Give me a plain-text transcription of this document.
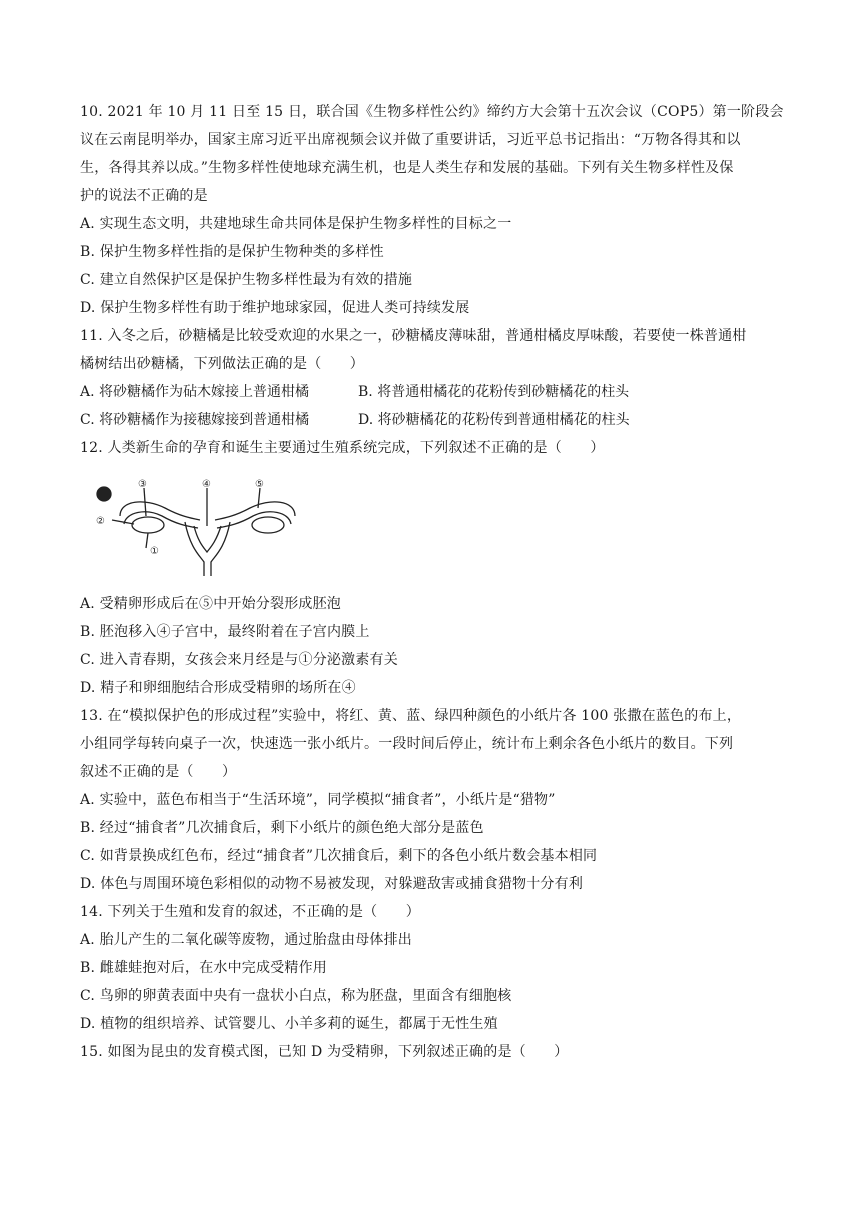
10. 2021 年 10 月 11 日至 15 日，联合国《生物多样性公约》缔约方大会第十五次会议（COP5）第一阶段会
议在云南昆明举办，国家主席习近平出席视频会议并做了重要讲话，习近平总书记指出：“万物各得其和以
生，各得其养以成。”生物多样性使地球充满生机，也是人类生存和发展的基础。下列有关生物多样性及保
护的说法不正确的是
A. 实现生态文明，共建地球生命共同体是保护生物多样性的目标之一
B. 保护生物多样性指的是保护生物种类的多样性
C. 建立自然保护区是保护生物多样性最为有效的措施
D. 保护生物多样性有助于维护地球家园，促进人类可持续发展
11. 入冬之后，砂糖橘是比较受欢迎的水果之一，砂糖橘皮薄味甜，普通柑橘皮厚味酸，若要使一株普通柑
橘树结出砂糖橘，下列做法正确的是（　　）
A. 将砂糖橘作为砧木嫁接上普通柑橘	B. 将普通柑橘花的花粉传到砂糖橘花的柱头
C. 将砂糖橘作为接穗嫁接到普通柑橘	D. 将砂糖橘花的花粉传到普通柑橘花的柱头
12. 人类新生命的孕育和诞生主要通过生殖系统完成，下列叙述不正确的是（　　）
①
②
③	④	⑤
A. 受精卵形成后在⑤中开始分裂形成胚泡
B. 胚泡移入④子宫中，最终附着在子宫内膜上
C. 进入青春期，女孩会来月经是与①分泌激素有关
D. 精子和卵细胞结合形成受精卵的场所在④
13. 在“模拟保护色的形成过程”实验中，将红、黄、蓝、绿四种颜色的小纸片各 100 张撒在蓝色的布上，
小组同学每转向桌子一次，快速选一张小纸片。一段时间后停止，统计布上剩余各色小纸片的数目。下列
叙述不正确的是（　　）
A. 实验中，蓝色布相当于“生活环境”，同学模拟“捕食者”，小纸片是“猎物”
B. 经过“捕食者”几次捕食后，剩下小纸片的颜色绝大部分是蓝色
C. 如背景换成红色布，经过“捕食者”几次捕食后，剩下的各色小纸片数会基本相同
D. 体色与周围环境色彩相似的动物不易被发现，对躲避敌害或捕食猎物十分有利
14. 下列关于生殖和发育的叙述，不正确的是（　　）
A. 胎儿产生的二氧化碳等废物，通过胎盘由母体排出
B. 雌雄蛙抱对后，在水中完成受精作用
C. 鸟卵的卵黄表面中央有一盘状小白点，称为胚盘，里面含有细胞核
D. 植物的组织培养、试管婴儿、小羊多莉的诞生，都属于无性生殖
15. 如图为昆虫的发育模式图，已知 D 为受精卵，下列叙述正确的是（　　）
